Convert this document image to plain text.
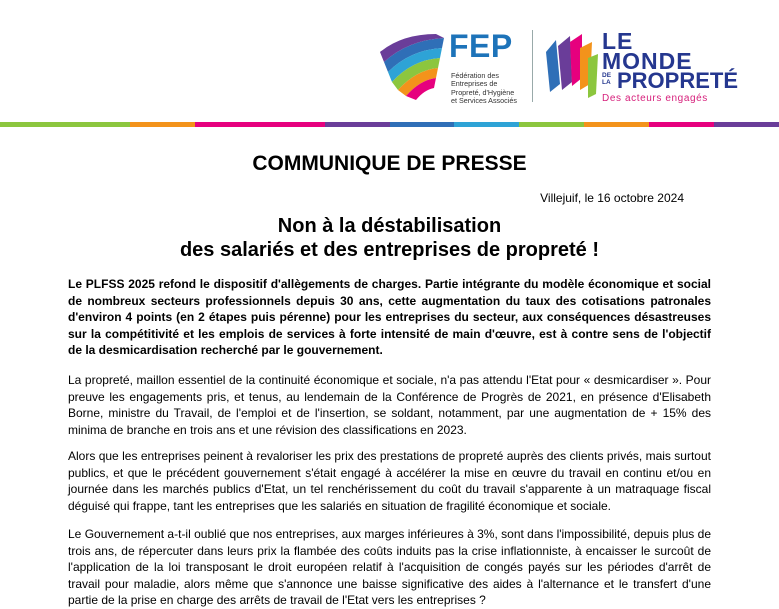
FEP
Fédération des
Entreprises de
Propreté, d'Hygiène
et Services Associés
LE
MONDE
DE LA PROPRETÉ
Des acteurs engagés
COMMUNIQUE DE PRESSE
Villejuif, le 16 octobre 2024
Non à la déstabilisation
des salariés et des entreprises de propreté !
Le PLFSS 2025 refond le dispositif d'allègements de charges. Partie intégrante du modèle économique et social de nombreux secteurs professionnels depuis 30 ans, cette augmentation du taux des cotisations patronales d'environ 4 points (en 2 étapes puis pérenne) pour les entreprises du secteur, aux conséquences désastreuses sur la compétitivité et les emplois de services à forte intensité de main d'œuvre, est à contre sens de l'objectif de la desmicardisation recherché par le gouvernement.
La propreté, maillon essentiel de la continuité économique et sociale, n'a pas attendu l'Etat pour « desmicardiser ». Pour preuve les engagements pris, et tenus, au lendemain de la Conférence de Progrès de 2021, en présence d'Elisabeth Borne, ministre du Travail, de l'emploi et de l'insertion, se soldant, notamment, par une augmentation de + 15% des minima de branche en trois ans et une révision des classifications en 2023.
Alors que les entreprises peinent à revaloriser les prix des prestations de propreté auprès des clients privés, mais surtout publics, et que le précédent gouvernement s'était engagé à accélérer la mise en œuvre du travail en continu et/ou en journée dans les marchés publics d'Etat, un tel renchérissement du coût du travail s'apparente à un matraquage fiscal déguisé qui frappe, tant les entreprises que les salariés en situation de fragilité économique et sociale.
Le Gouvernement a-t-il oublié que nos entreprises, aux marges inférieures à 3%, sont dans l'impossibilité, depuis plus de trois ans, de répercuter dans leurs prix la flambée des coûts induits pas la crise inflationniste, à encaisser le surcoût de l'application de la loi transposant le droit européen relatif à l'acquisition de congés payés sur les périodes d'arrêt de travail pour maladie, alors même que s'annonce une baisse significative des aides à l'alternance et le transfert d'une partie de la prise en charge des arrêts de travail de l'Etat vers les entreprises ?
